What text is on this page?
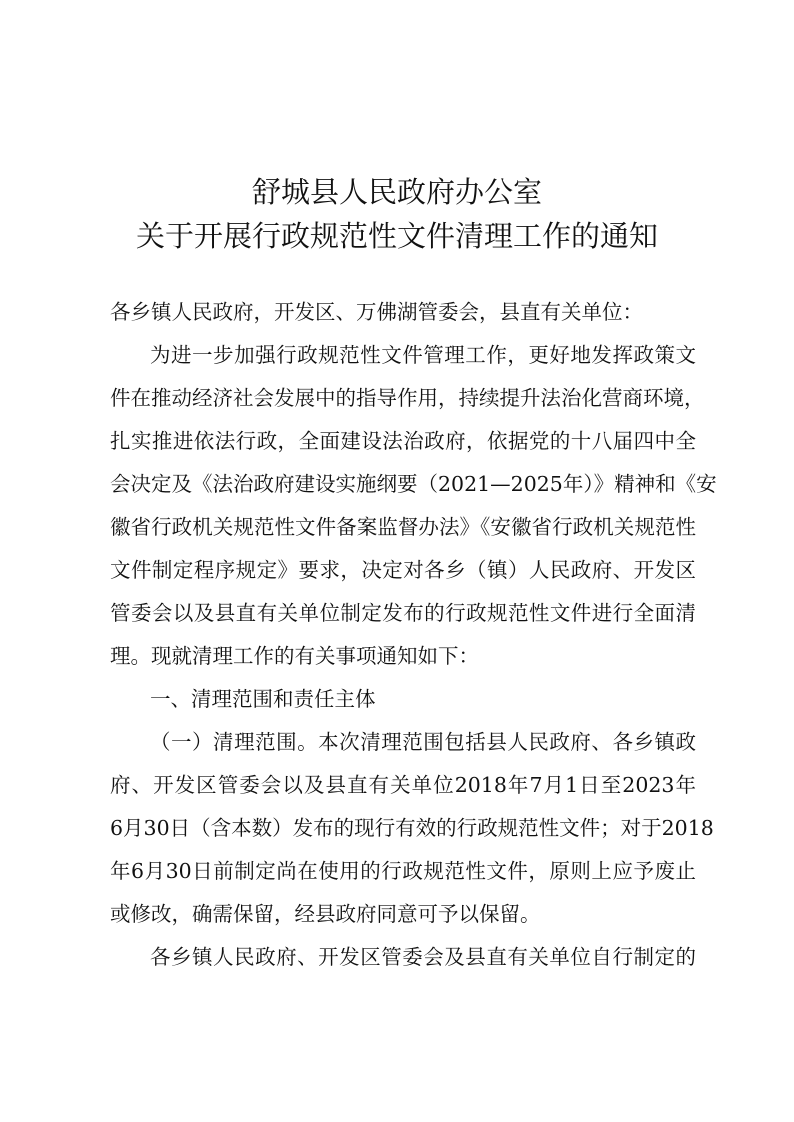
舒城县人民政府办公室
关于开展行政规范性文件清理工作的通知
各乡镇人民政府，开发区、万佛湖管委会，县直有关单位：
为进一步加强行政规范性文件管理工作，更好地发挥政策文
件在推动经济社会发展中的指导作用，持续提升法治化营商环境，
扎实推进依法行政，全面建设法治政府，依据党的十八届四中全
会决定及《法治政府建设实施纲要（2021—2025年）》精神和《安
徽省行政机关规范性文件备案监督办法》《安徽省行政机关规范性
文件制定程序规定》要求，决定对各乡（镇）人民政府、开发区
管委会以及县直有关单位制定发布的行政规范性文件进行全面清
理。现就清理工作的有关事项通知如下：
一、清理范围和责任主体
（一）清理范围。本次清理范围包括县人民政府、各乡镇政
府、开发区管委会以及县直有关单位2018年7月1日至2023年
6月30日（含本数）发布的现行有效的行政规范性文件；对于2018
年6月30日前制定尚在使用的行政规范性文件，原则上应予废止
或修改，确需保留，经县政府同意可予以保留。
各乡镇人民政府、开发区管委会及县直有关单位自行制定的
